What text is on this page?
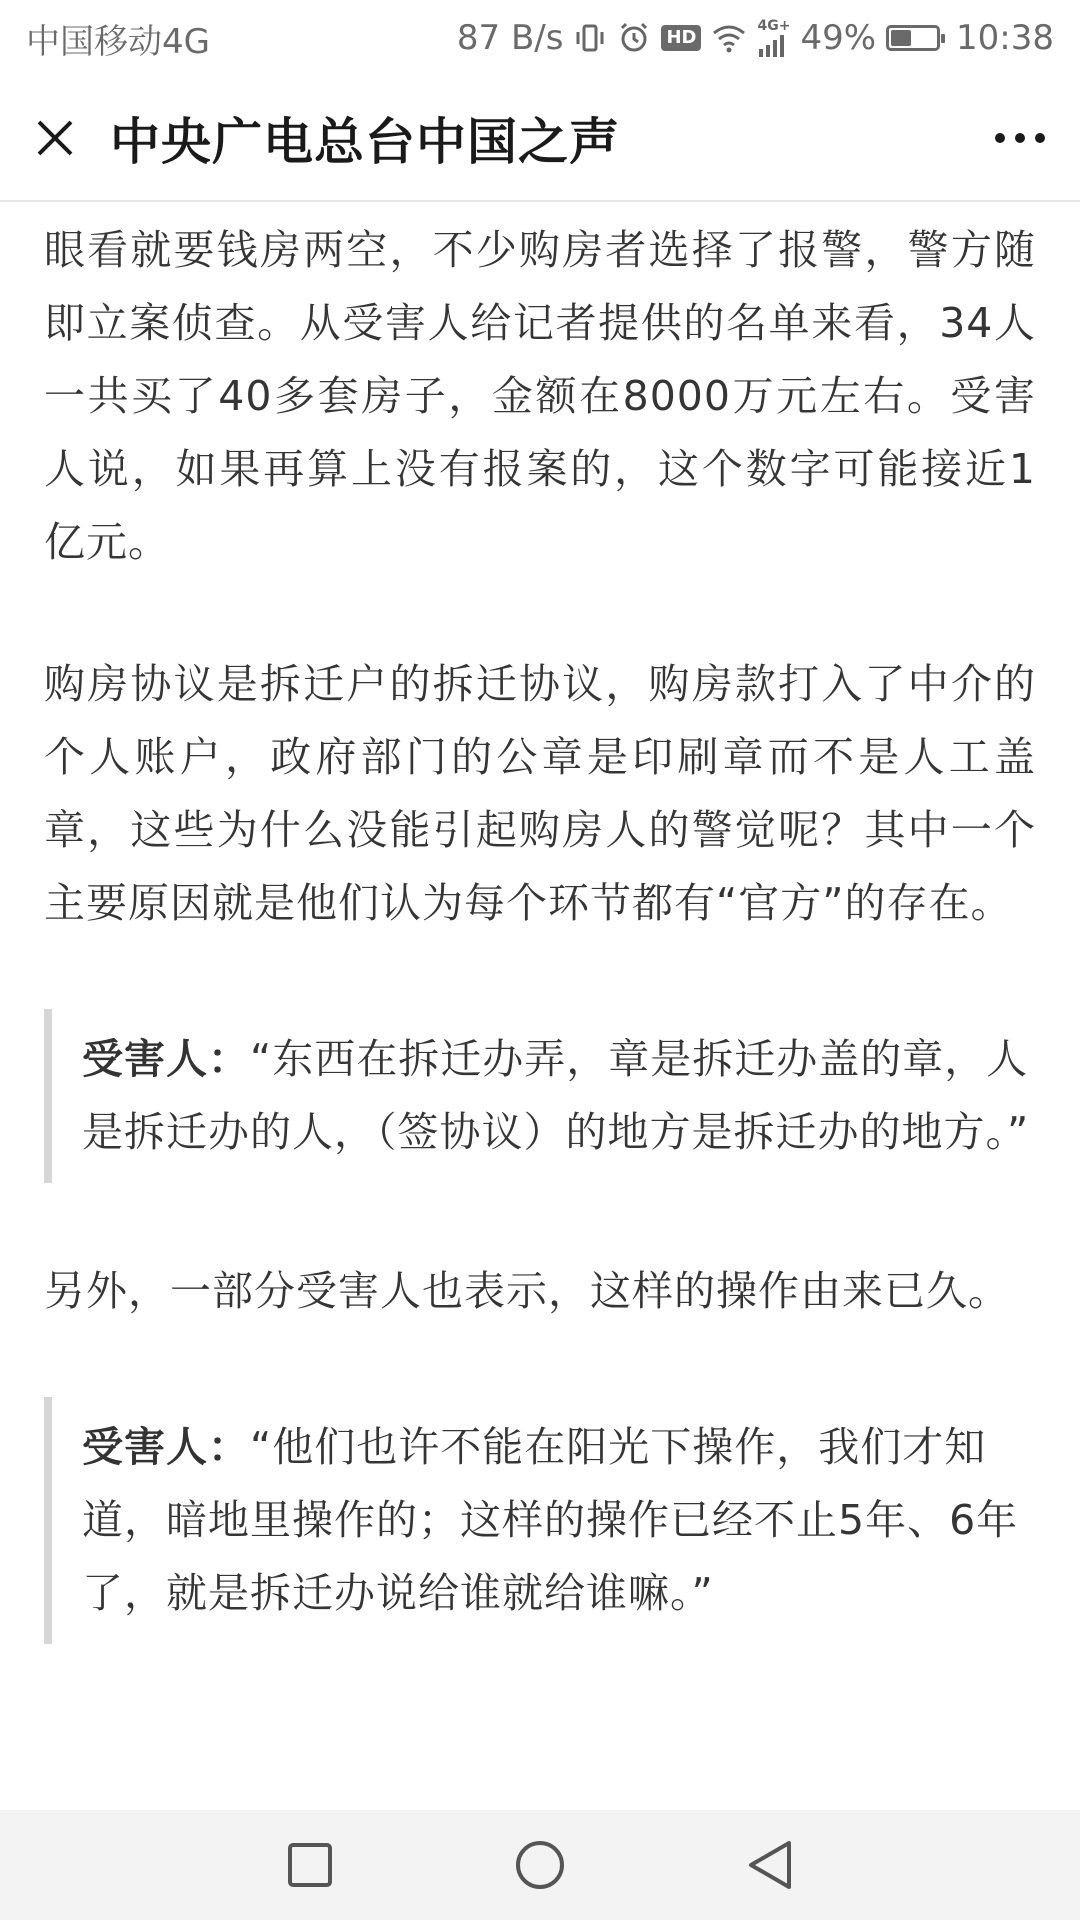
中国移动4G	87 B/s	HD
4G+ 49% 10:38
中央广电总台中国之声

眼看就要钱房两空，不少购房者选择了报警，警方随即立案侦查。从受害人给记者提供的名单来看，34人一共买了40多套房子，金额在8000万元左右。受害人说，如果再算上没有报案的，这个数字可能接近1亿元。

购房协议是拆迁户的拆迁协议，购房款打入了中介的个人账户，政府部门的公章是印刷章而不是人工盖章，这些为什么没能引起购房人的警觉呢？其中一个主要原因就是他们认为每个环节都有“官方”的存在。

受害人：“东西在拆迁办弄，章是拆迁办盖的章，人是拆迁办的人，（签协议）的地方是拆迁办的地方。”

另外，一部分受害人也表示，这样的操作由来已久。

受害人：“他们也许不能在阳光下操作，我们才知道，暗地里操作的；这样的操作已经不止5年、6年了，就是拆迁办说给谁就给谁嘛。”
